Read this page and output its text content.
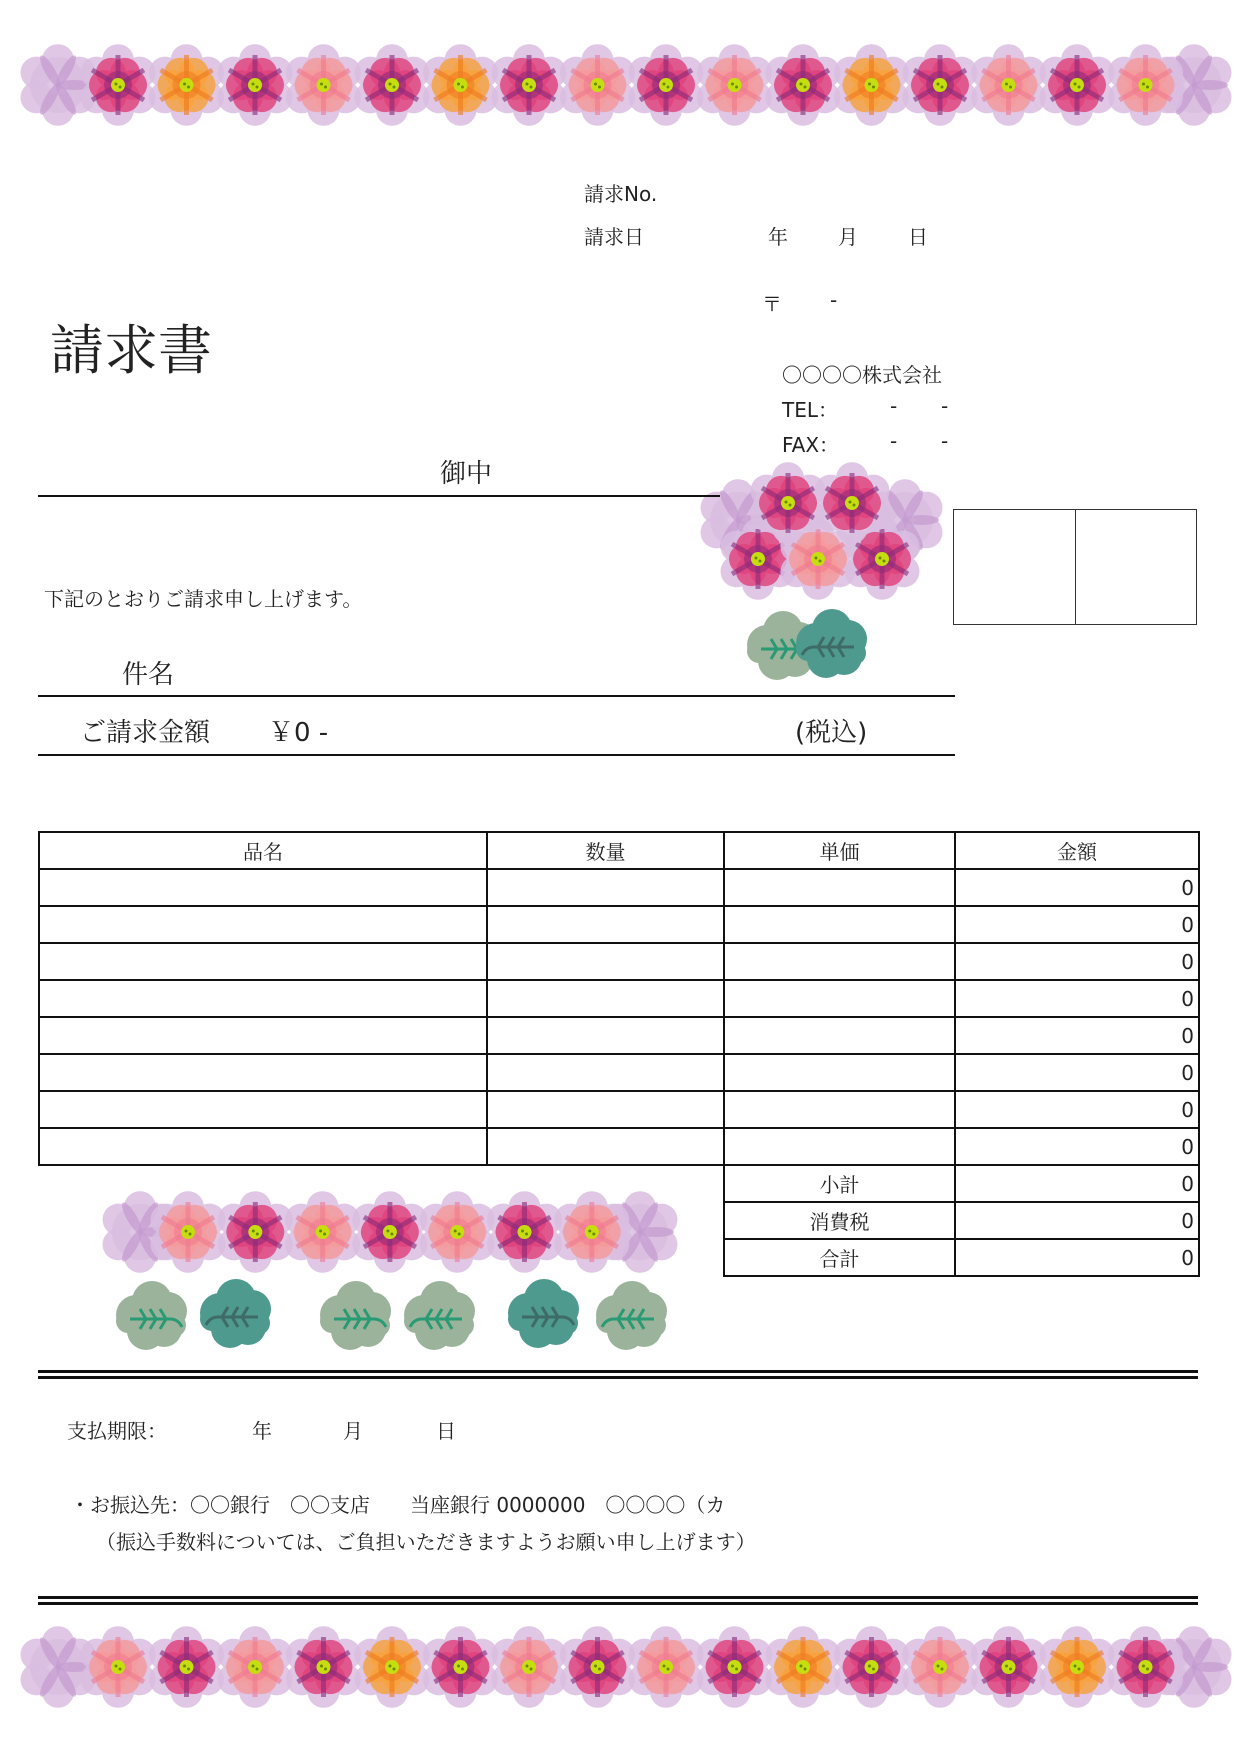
請求No.
請求日	年	月	日
〒 -
請求書	〇〇〇〇株式会社
TEL：	- -
FAX：	- -
御中
下記のとおりご請求申し上げます。
件名
ご請求金額 ￥0 -	(税込)
品名	数量	単価	金額
			0
			0
			0
			0
			0
			0
			0
			0
		小計	0
		消費税	0
		合計	0
支払期限：	年	月	日
・お振込先：〇〇銀行　〇〇支店　　当座銀行 0000000　〇〇〇〇（カ
（振込手数料については、ご負担いただきますようお願い申し上げます）
